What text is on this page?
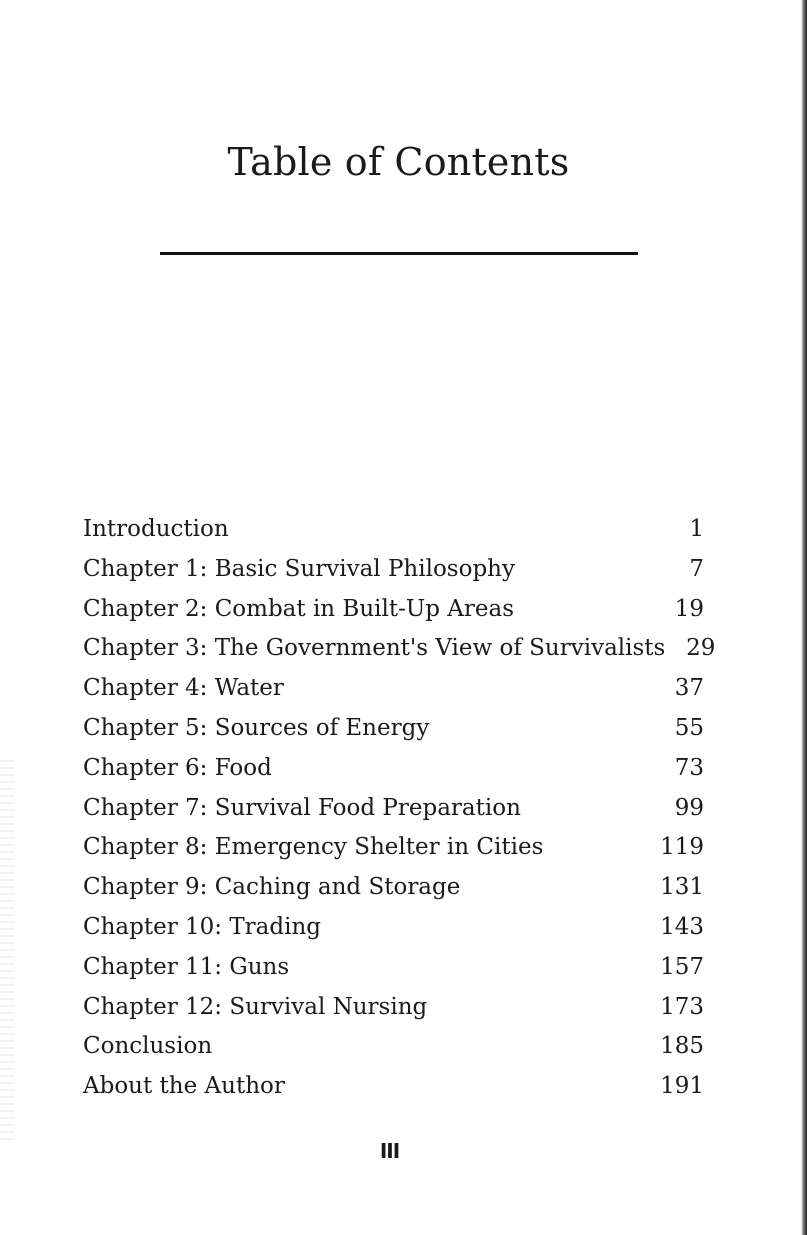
Table of Contents
Introduction	1
Chapter 1: Basic Survival Philosophy	7
Chapter 2: Combat in Built-Up Areas	19
Chapter 3: The Government's View of Survivalists 29
Chapter 4: Water	37
Chapter 5: Sources of Energy	55
Chapter 6: Food	73
Chapter 7: Survival Food Preparation	99
Chapter 8: Emergency Shelter in Cities	119
Chapter 9: Caching and Storage	131
Chapter 10: Trading	143
Chapter 11: Guns	157
Chapter 12: Survival Nursing	173
Conclusion	185
About the Author	191
III
